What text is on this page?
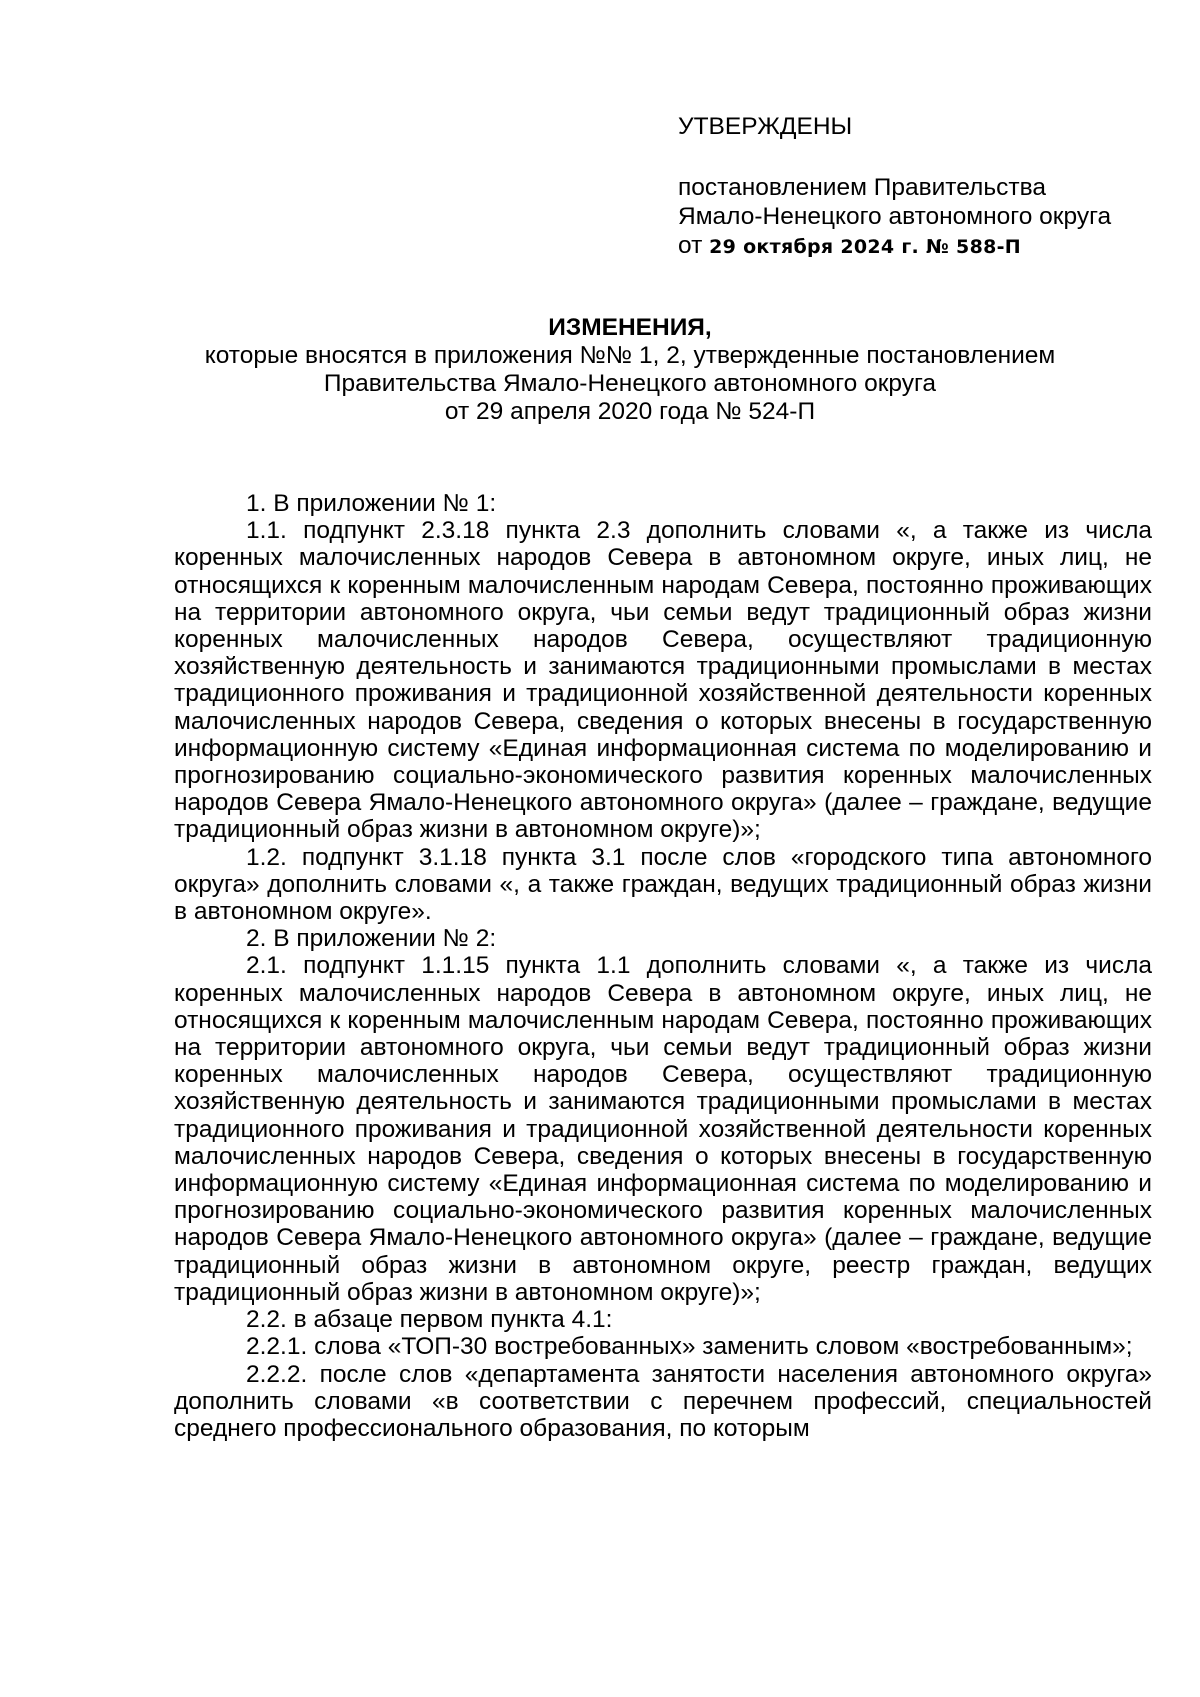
УТВЕРЖДЕНЫ
постановлением Правительства
Ямало-Ненецкого автономного округа
от 29 октября 2024 г. № 588-П
ИЗМЕНЕНИЯ,
которые вносятся в приложения №№ 1, 2, утвержденные постановлением
Правительства Ямало-Ненецкого автономного округа
от 29 апреля 2020 года № 524-П

1. В приложении № 1:

1.1. подпункт 2.3.18 пункта 2.3 дополнить словами «, а также из числа коренных малочисленных народов Севера в автономном округе, иных лиц, не относящихся к коренным малочисленным народам Севера, постоянно проживающих на территории автономного округа, чьи семьи ведут традиционный образ жизни коренных малочисленных народов Севера, осуществляют традиционную хозяйственную деятельность и занимаются традиционными промыслами в местах традиционного проживания и традиционной хозяйственной деятельности коренных малочисленных народов Севера, сведения о которых внесены в государственную информационную систему «Единая информационная система по моделированию и прогнозированию социально-экономического развития коренных малочисленных народов Севера Ямало-Ненецкого автономного округа» (далее – граждане, ведущие традиционный образ жизни в автономном округе)»;

1.2. подпункт 3.1.18 пункта 3.1 после слов «городского типа автономного округа» дополнить словами «, а также граждан, ведущих традиционный образ жизни в автономном округе».

2. В приложении № 2:

2.1. подпункт 1.1.15 пункта 1.1 дополнить словами «, а также из числа коренных малочисленных народов Севера в автономном округе, иных лиц, не относящихся к коренным малочисленным народам Севера, постоянно проживающих на территории автономного округа, чьи семьи ведут традиционный образ жизни коренных малочисленных народов Севера, осуществляют традиционную хозяйственную деятельность и занимаются традиционными промыслами в местах традиционного проживания и традиционной хозяйственной деятельности коренных малочисленных народов Севера, сведения о которых внесены в государственную информационную систему «Единая информационная система по моделированию и прогнозированию социально-экономического развития коренных малочисленных народов Севера Ямало-Ненецкого автономного округа» (далее – граждане, ведущие традиционный образ жизни в автономном округе, реестр граждан, ведущих традиционный образ жизни в автономном округе)»;

2.2. в абзаце первом пункта 4.1:

2.2.1. слова «ТОП-30 востребованных» заменить словом «востребованным»;

2.2.2. после слов «департамента занятости населения автономного округа» дополнить словами «в соответствии с перечнем профессий, специальностей среднего профессионального образования, по которым
